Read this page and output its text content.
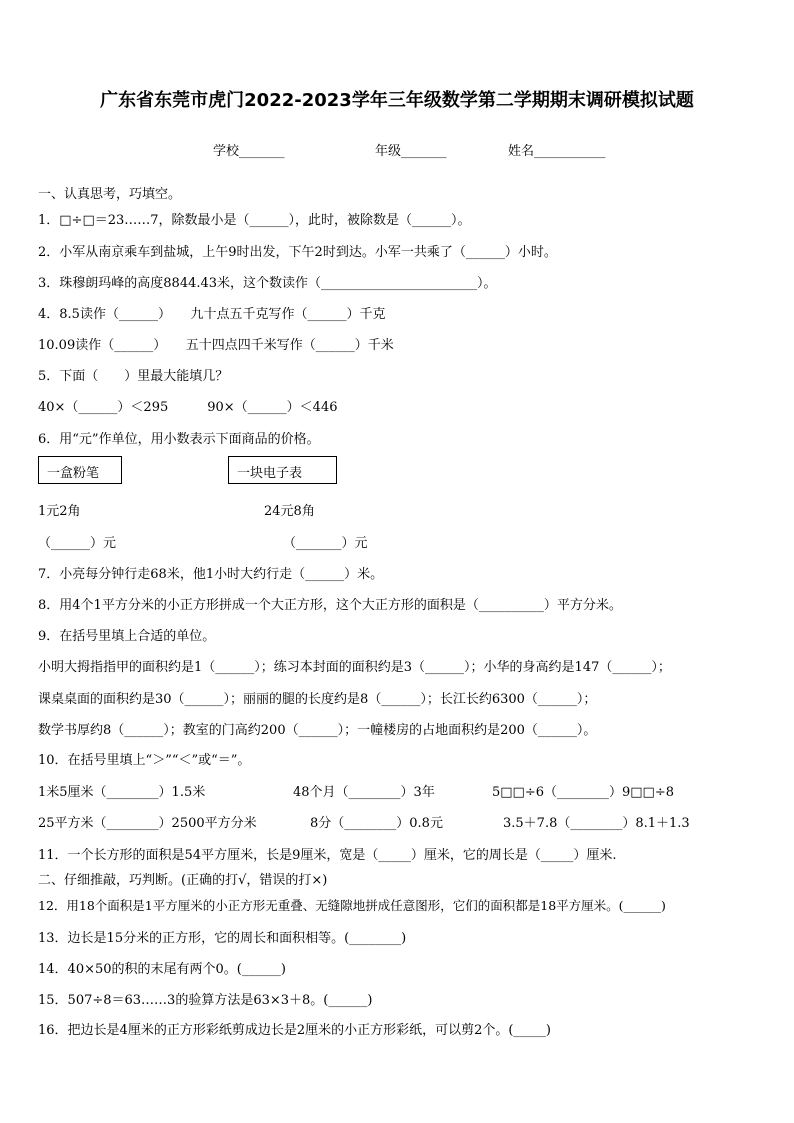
广东省东莞市虎门2022-2023学年三年级数学第二学期期末调研模拟试题
学校_______	年级_______	姓名___________
一、认真思考，巧填空。
1．□÷□＝23……7，除数最小是（______），此时，被除数是（______）。
2．小军从南京乘车到盐城，上午9时出发，下午2时到达。小军一共乘了（______）小时。
3．珠穆朗玛峰的高度8844.43米，这个数读作（________________________）。
4．8.5读作（______）　　九十点五千克写作（______）千克
10.09读作（______）　　五十四点四千米写作（______）千米
5．下面（　　）里最大能填几？
40×（______）＜295　　　90×（______）＜446
6．用“元”作单位，用小数表示下面商品的价格。
一盒粉笔	一块电子表
1元2角	24元8角
（______）元	（_______）元
7．小亮每分钟行走68米，他1小时大约行走（______）米。
8．用4个1平方分米的小正方形拼成一个大正方形，这个大正方形的面积是（__________）平方分米。
9．在括号里填上合适的单位。
小明大拇指指甲的面积约是1（______）；练习本封面的面积约是3（______）；小华的身高约是147（______）；
课桌桌面的面积约是30（______）；丽丽的腿的长度约是8（______）；长江长约6300（______）；
数学书厚约8（______）；教室的门高约200（______）；一幢楼房的占地面积约是200（______）。
10．在括号里填上“＞”“＜”或“＝”。
1米5厘米（________）1.5米	48个月（________）3年	5□□÷6（________）9□□÷8
25平方米（________）2500平方分米	8分（________）0.8元	3.5＋7.8（________）8.1＋1.3
11．一个长方形的面积是54平方厘米，长是9厘米，宽是（_____）厘米，它的周长是（_____）厘米.
二、仔细推敲，巧判断。(正确的打√，错误的打×)
12．用18个面积是1平方厘米的小正方形无重叠、无缝隙地拼成任意图形，它们的面积都是18平方厘米。(______)
13．边长是15分米的正方形，它的周长和面积相等。(________)
14．40×50的积的末尾有两个0。(______)
15．507÷8＝63……3的验算方法是63×3＋8。(______)
16．把边长是4厘米的正方形彩纸剪成边长是2厘米的小正方形彩纸，可以剪2个。(_____)
